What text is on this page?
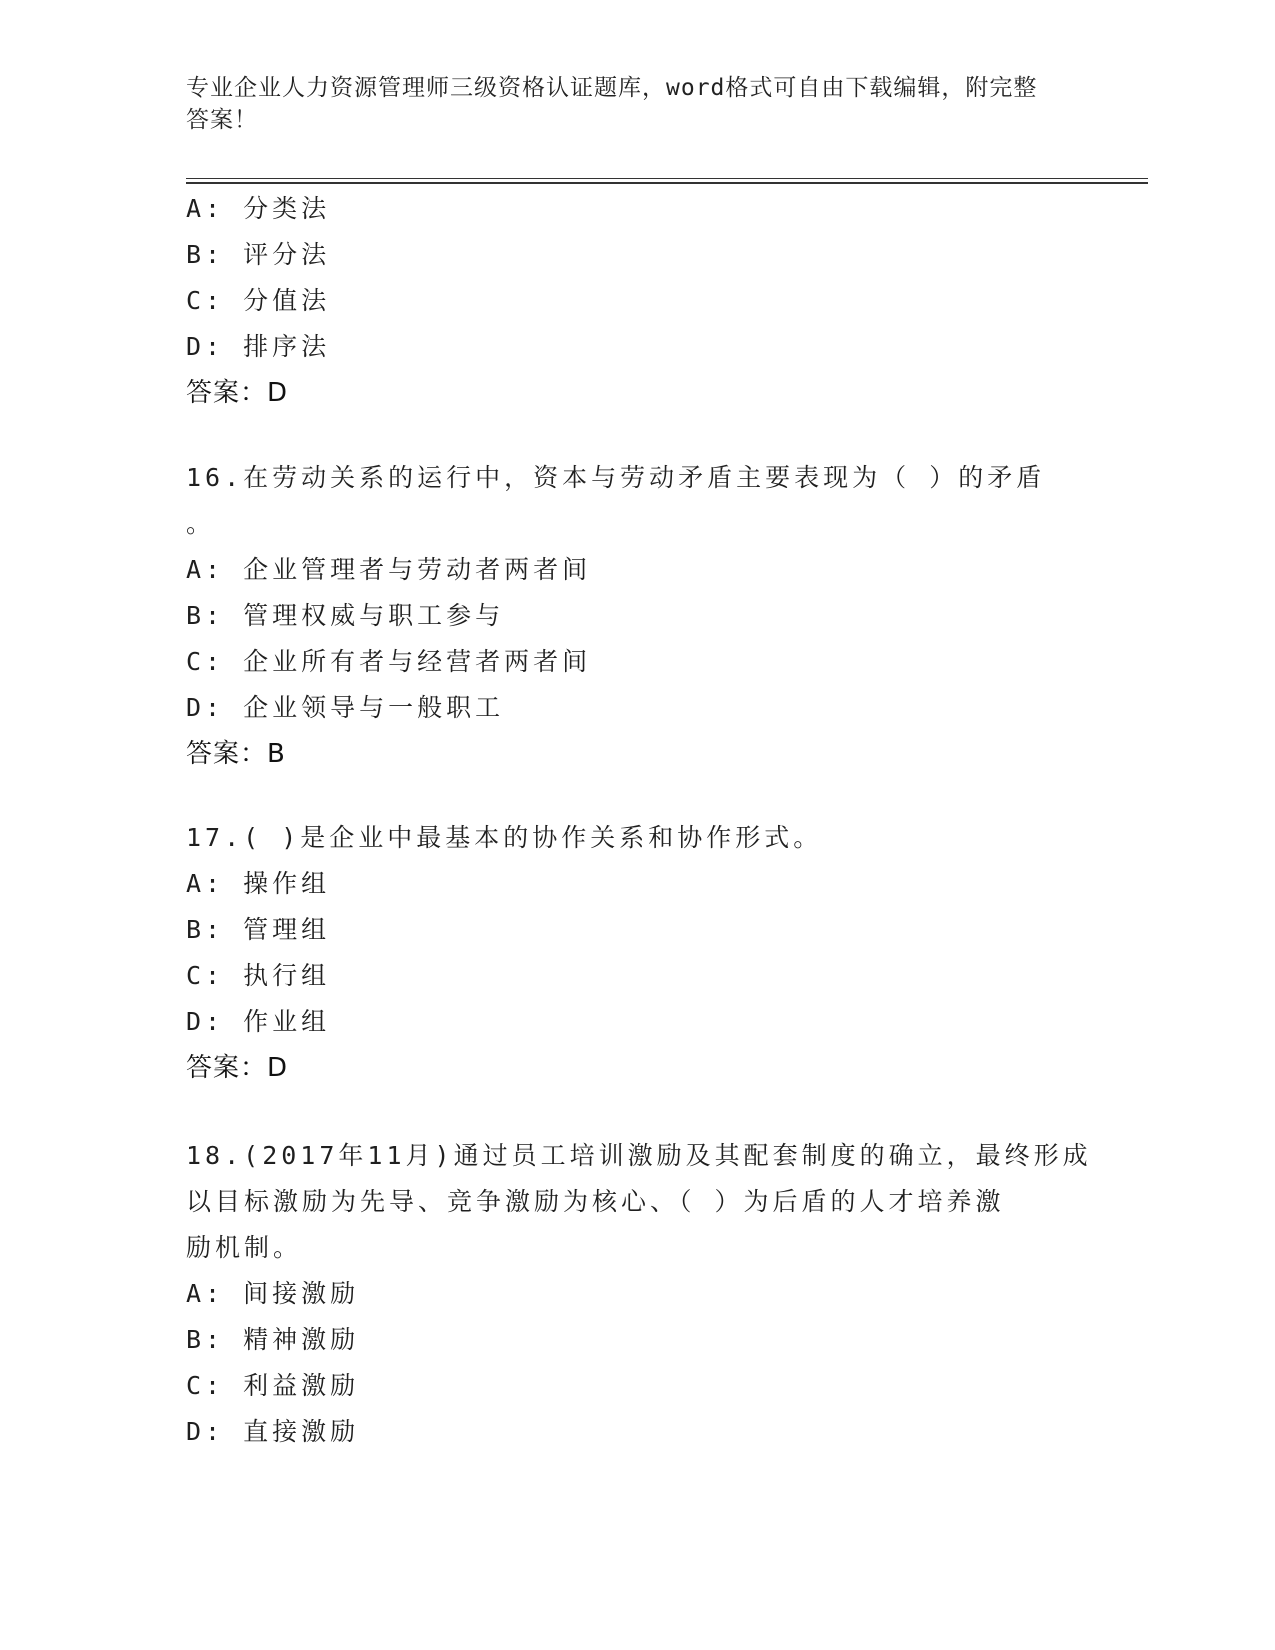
专业企业人力资源管理师三级资格认证题库，word格式可自由下载编辑，附完整
答案！
A: 分类法
B: 评分法
C: 分值法
D: 排序法
答案：D
16.在劳动关系的运行中，资本与劳动矛盾主要表现为（ ）的矛盾
。
A: 企业管理者与劳动者两者间
B: 管理权威与职工参与
C: 企业所有者与经营者两者间
D: 企业领导与一般职工
答案：B
17.( )是企业中最基本的协作关系和协作形式。
A: 操作组
B: 管理组
C: 执行组
D: 作业组
答案：D
18.(2017年11月)通过员工培训激励及其配套制度的确立，最终形成
以目标激励为先导、竞争激励为核心、（ ）为后盾的人才培养激
励机制。
A: 间接激励
B: 精神激励
C: 利益激励
D: 直接激励
